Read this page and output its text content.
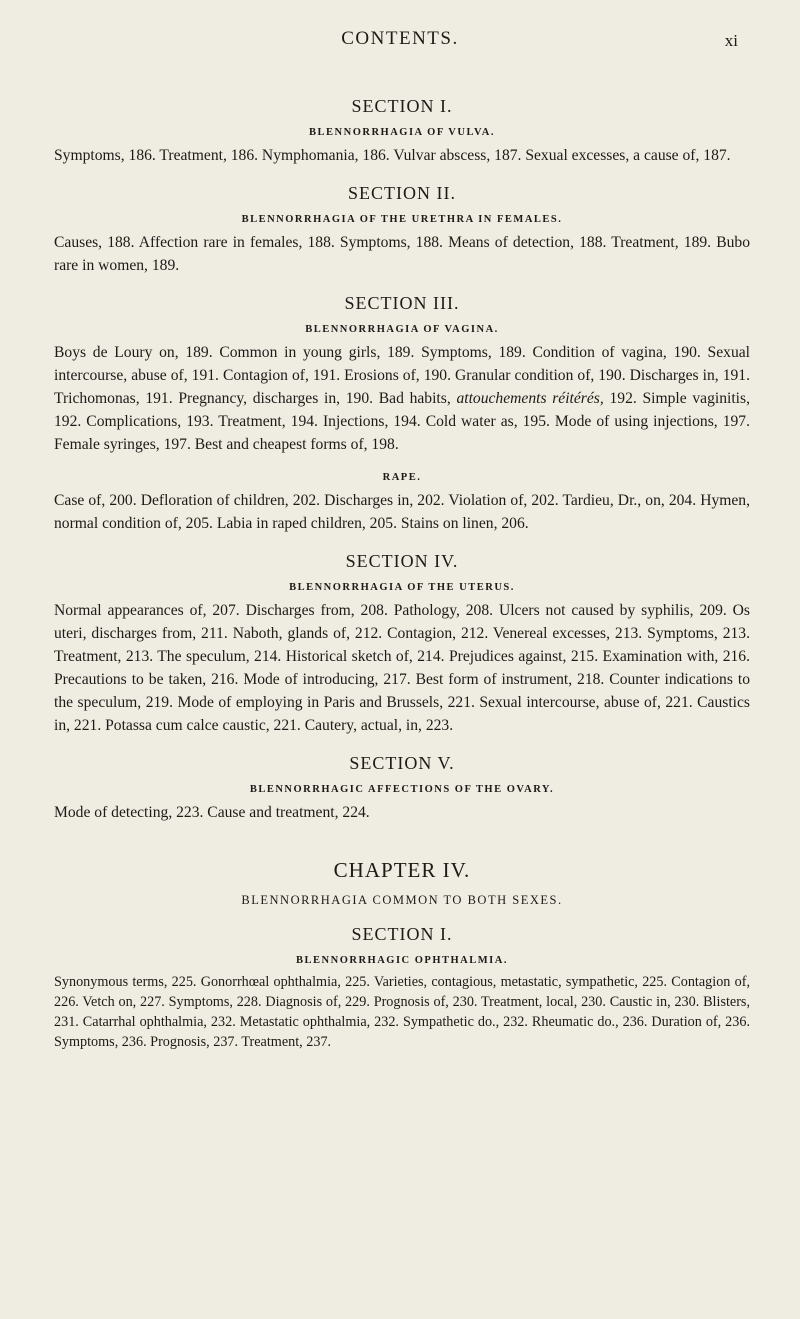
CONTENTS.	xi

SECTION I.

BLENNORRHAGIA OF VULVA.

Symptoms, 186. Treatment, 186. Nymphomania, 186. Vulvar abscess, 187. Sexual excesses, a cause of, 187.

SECTION II.

BLENNORRHAGIA OF THE URETHRA IN FEMALES.

Causes, 188. Affection rare in females, 188. Symptoms, 188. Means of detection, 188. Treatment, 189. Bubo rare in women, 189.

SECTION III.

BLENNORRHAGIA OF VAGINA.

Boys de Loury on, 189. Common in young girls, 189. Symptoms, 189. Condition of vagina, 190. Sexual intercourse, abuse of, 191. Contagion of, 191. Erosions of, 190. Granular condition of, 190. Discharges in, 191. Trichomonas, 191. Pregnancy, discharges in, 190. Bad habits, attouchements réitérés, 192. Simple vaginitis, 192. Complications, 193. Treatment, 194. Injections, 194. Cold water as, 195. Mode of using injections, 197. Female syringes, 197. Best and cheapest forms of, 198.

RAPE.

Case of, 200. Defloration of children, 202. Discharges in, 202. Violation of, 202. Tardieu, Dr., on, 204. Hymen, normal condition of, 205. Labia in raped children, 205. Stains on linen, 206.

SECTION IV.

BLENNORRHAGIA OF THE UTERUS.

Normal appearances of, 207. Discharges from, 208. Pathology, 208. Ulcers not caused by syphilis, 209. Os uteri, discharges from, 211. Naboth, glands of, 212. Contagion, 212. Venereal excesses, 213. Symptoms, 213. Treatment, 213. The speculum, 214. Historical sketch of, 214. Prejudices against, 215. Examination with, 216. Precautions to be taken, 216. Mode of introducing, 217. Best form of instrument, 218. Counter indications to the speculum, 219. Mode of employing in Paris and Brussels, 221. Sexual intercourse, abuse of, 221. Caustics in, 221. Potassa cum calce caustic, 221. Cautery, actual, in, 223.

SECTION V.

BLENNORRHAGIC AFFECTIONS OF THE OVARY.

Mode of detecting, 223. Cause and treatment, 224.

CHAPTER IV.

BLENNORRHAGIA COMMON TO BOTH SEXES.

SECTION I.

BLENNORRHAGIC OPHTHALMIA.

Synonymous terms, 225. Gonorrhœal ophthalmia, 225. Varieties, contagious, metastatic, sympathetic, 225. Contagion of, 226. Vetch on, 227. Symptoms, 228. Diagnosis of, 229. Prognosis of, 230. Treatment, local, 230. Caustic in, 230. Blisters, 231. Catarrhal ophthalmia, 232. Metastatic ophthalmia, 232. Sympathetic do., 232. Rheumatic do., 236. Duration of, 236. Symptoms, 236. Prognosis, 237. Treatment, 237.
